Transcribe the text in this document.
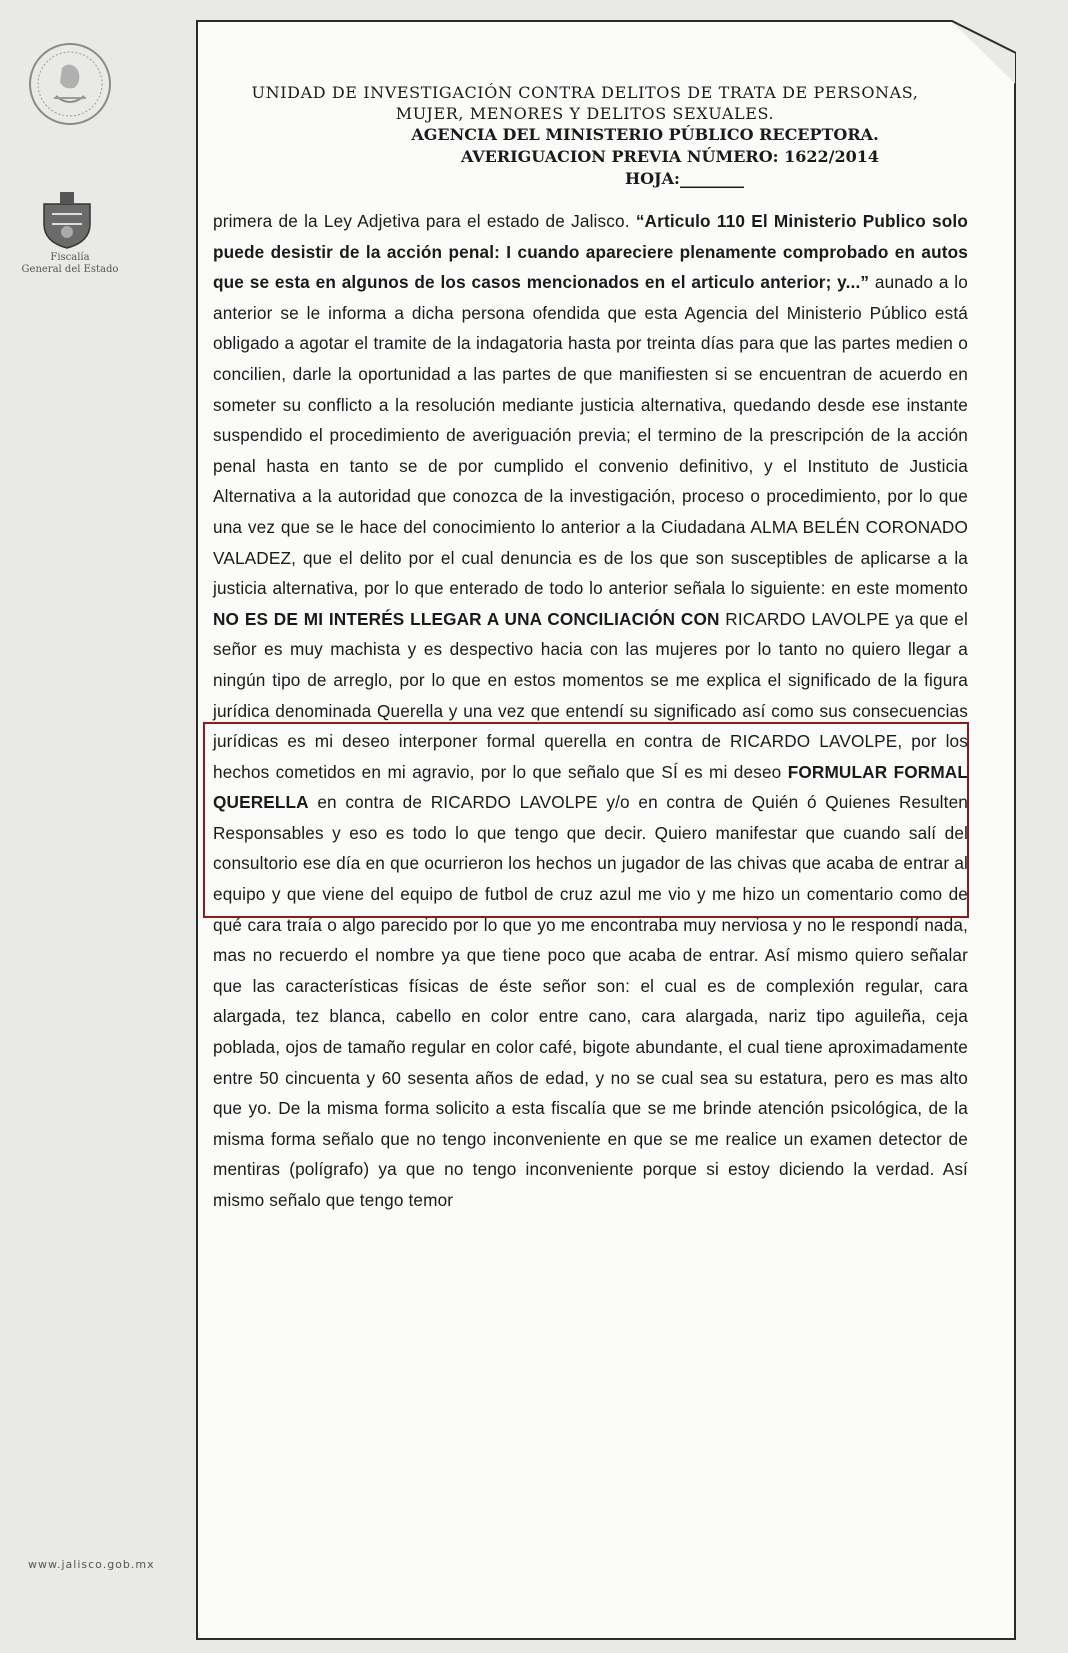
Fiscalía
General del Estado
www.jalisco.gob.mx
UNIDAD DE INVESTIGACIÓN CONTRA DELITOS DE TRATA DE PERSONAS,
MUJER, MENORES Y DELITOS SEXUALES.
AGENCIA DEL MINISTERIO PÚBLICO RECEPTORA.
AVERIGUACION PREVIA NÚMERO: 1622/2014
HOJA:________

primera de la Ley Adjetiva para el estado de Jalisco. “Articulo 110 El Ministerio Publico solo puede desistir de la acción penal: I cuando apareciere plenamente comprobado en autos que se esta en algunos de los casos mencionados en el articulo anterior; y...” aunado a lo anterior se le informa a dicha persona ofendida que esta Agencia del Ministerio Público está obligado a agotar el tramite de la indagatoria hasta por treinta días para que las partes medien o concilien, darle la oportunidad a las partes de que manifiesten si se encuentran de acuerdo en someter su conflicto a la resolución mediante justicia alternativa, quedando desde ese instante suspendido el procedimiento de averiguación previa; el termino de la prescripción de la acción penal hasta en tanto se de por cumplido el convenio definitivo, y el Instituto de Justicia Alternativa a la autoridad que conozca de la investigación, proceso o procedimiento, por lo que una vez que se le hace del conocimiento lo anterior a la Ciudadana ALMA BELÉN CORONADO VALADEZ, que el delito por el cual denuncia es de los que son susceptibles de aplicarse a la justicia alternativa, por lo que enterado de todo lo anterior señala lo siguiente: en este momento NO ES DE MI INTERÉS LLEGAR A UNA CONCILIACIÓN CON RICARDO LAVOLPE ya que el señor es muy machista y es despectivo hacia con las mujeres por lo tanto no quiero llegar a ningún tipo de arreglo, por lo que en estos momentos se me explica el significado de la figura jurídica denominada Querella y una vez que entendí su significado así como sus consecuencias jurídicas es mi deseo interponer formal querella en contra de RICARDO LAVOLPE, por los hechos cometidos en mi agravio, por lo que señalo que SÍ es mi deseo FORMULAR FORMAL QUERELLA en contra de RICARDO LAVOLPE y/o en contra de Quién ó Quienes Resulten Responsables y eso es todo lo que tengo que decir. Quiero manifestar que cuando salí del consultorio ese día en que ocurrieron los hechos un jugador de las chivas que acaba de entrar al equipo y que viene del equipo de futbol de cruz azul me vio y me hizo un comentario como de qué cara traía o algo parecido por lo que yo me encontraba muy nerviosa y no le respondí nada, mas no recuerdo el nombre ya que tiene poco que acaba de entrar. Así mismo quiero señalar que las características físicas de éste señor son: el cual es de complexión regular, cara alargada, tez blanca, cabello en color entre cano, cara alargada, nariz tipo aguileña, ceja poblada, ojos de tamaño regular en color café, bigote abundante, el cual tiene aproximadamente entre 50 cincuenta y 60 sesenta años de edad, y no se cual sea su estatura, pero es mas alto que yo. De la misma forma solicito a esta fiscalía que se me brinde atención psicológica, de la misma forma señalo que no tengo inconveniente en que se me realice un examen detector de mentiras (polígrafo) ya que no tengo inconveniente porque si estoy diciendo la verdad. Así mismo señalo que tengo temor
